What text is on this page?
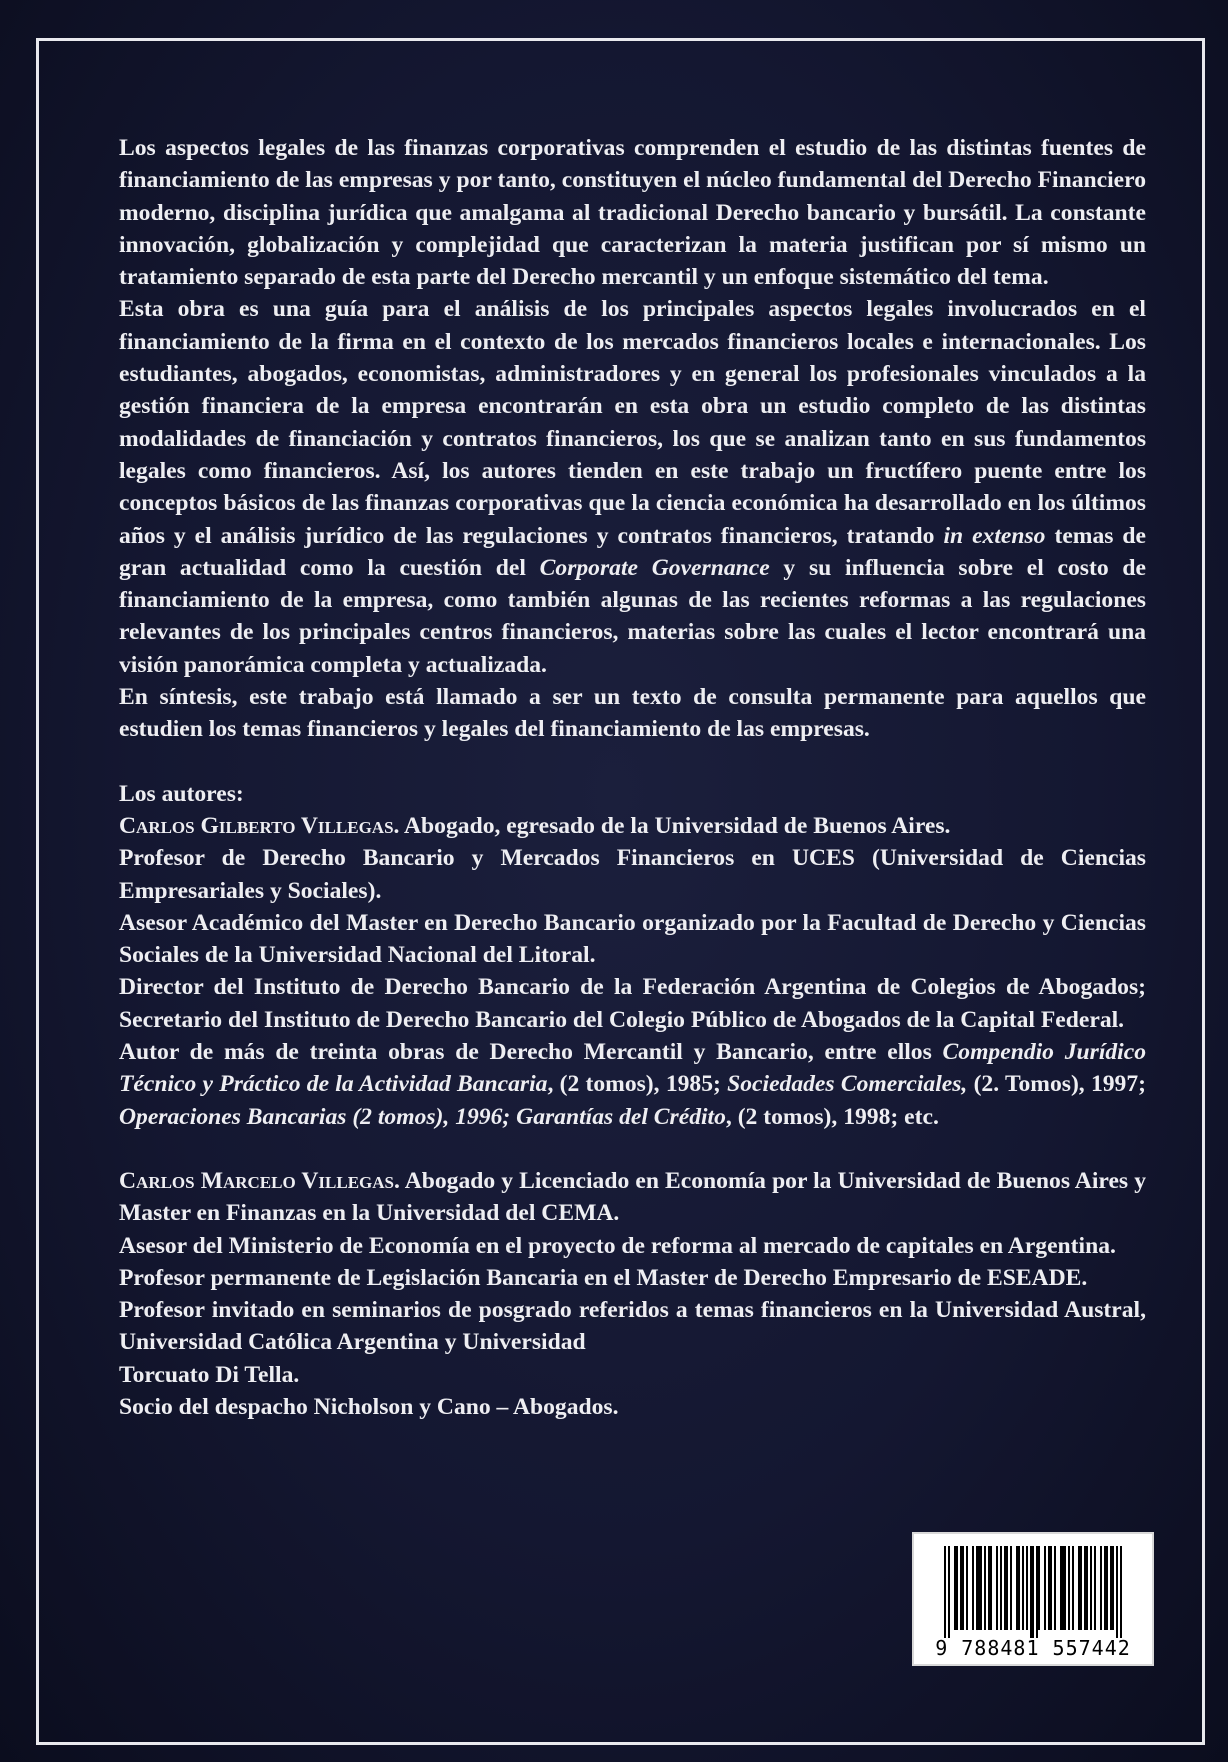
Los aspectos legales de las finanzas corporativas comprenden el estudio de las distintas fuentes de financiamiento de las empresas y por tanto, constituyen el núcleo fundamental del Derecho Financiero moderno, disciplina jurídica que amalgama al tradicional Derecho bancario y bursátil. La constante innovación, globalización y complejidad que caracterizan la materia justifican por sí mismo un tratamiento separado de esta parte del Derecho mercantil y un enfoque sistemático del tema.

Esta obra es una guía para el análisis de los principales aspectos legales involucrados en el financiamiento de la firma en el contexto de los mercados financieros locales e internacionales. Los estudiantes, abogados, economistas, administradores y en general los profesionales vinculados a la gestión financiera de la empresa encontrarán en esta obra un estudio completo de las distintas modalidades de financiación y contratos financieros, los que se analizan tanto en sus fundamentos legales como financieros. Así, los autores tienden en este trabajo un fructífero puente entre los conceptos básicos de las finanzas corporativas que la ciencia económica ha desarrollado en los últimos años y el análisis jurídico de las regulaciones y contratos financieros, tratando in extenso temas de gran actualidad como la cuestión del Corporate Governance y su influencia sobre el costo de financiamiento de la empresa, como también algunas de las recientes reformas a las regulaciones relevantes de los principales centros financieros, materias sobre las cuales el lector encontrará una visión panorámica completa y actualizada.

En síntesis, este trabajo está llamado a ser un texto de consulta permanente para aquellos que estudien los temas financieros y legales del financiamiento de las empresas.

Los autores:

Carlos Gilberto Villegas. Abogado, egresado de la Universidad de Buenos Aires.

Profesor de Derecho Bancario y Mercados Financieros en UCES (Universidad de Ciencias Empresariales y Sociales).

Asesor Académico del Master en Derecho Bancario organizado por la Facultad de Derecho y Ciencias Sociales de la Universidad Nacional del Litoral.

Director del Instituto de Derecho Bancario de la Federación Argentina de Colegios de Abogados; Secretario del Instituto de Derecho Bancario del Colegio Público de Abogados de la Capital Federal.

Autor de más de treinta obras de Derecho Mercantil y Bancario, entre ellos Compendio Jurídico Técnico y Práctico de la Actividad Bancaria, (2 tomos), 1985; Sociedades Comerciales, (2. Tomos), 1997; Operaciones Bancarias (2 tomos), 1996; Garantías del Crédito, (2 tomos), 1998; etc.

Carlos Marcelo Villegas. Abogado y Licenciado en Economía por la Universidad de Buenos Aires y Master en Finanzas en la Universidad del CEMA.

Asesor del Ministerio de Economía en el proyecto de reforma al mercado de capitales en Argentina.

Profesor permanente de Legislación Bancaria en el Master de Derecho Empresario de ESEADE.

Profesor invitado en seminarios de posgrado referidos a temas financieros en la Universidad Austral, Universidad Católica Argentina y Universidad

Torcuato Di Tella.

Socio del despacho Nicholson y Cano – Abogados.

9 788481 557442
